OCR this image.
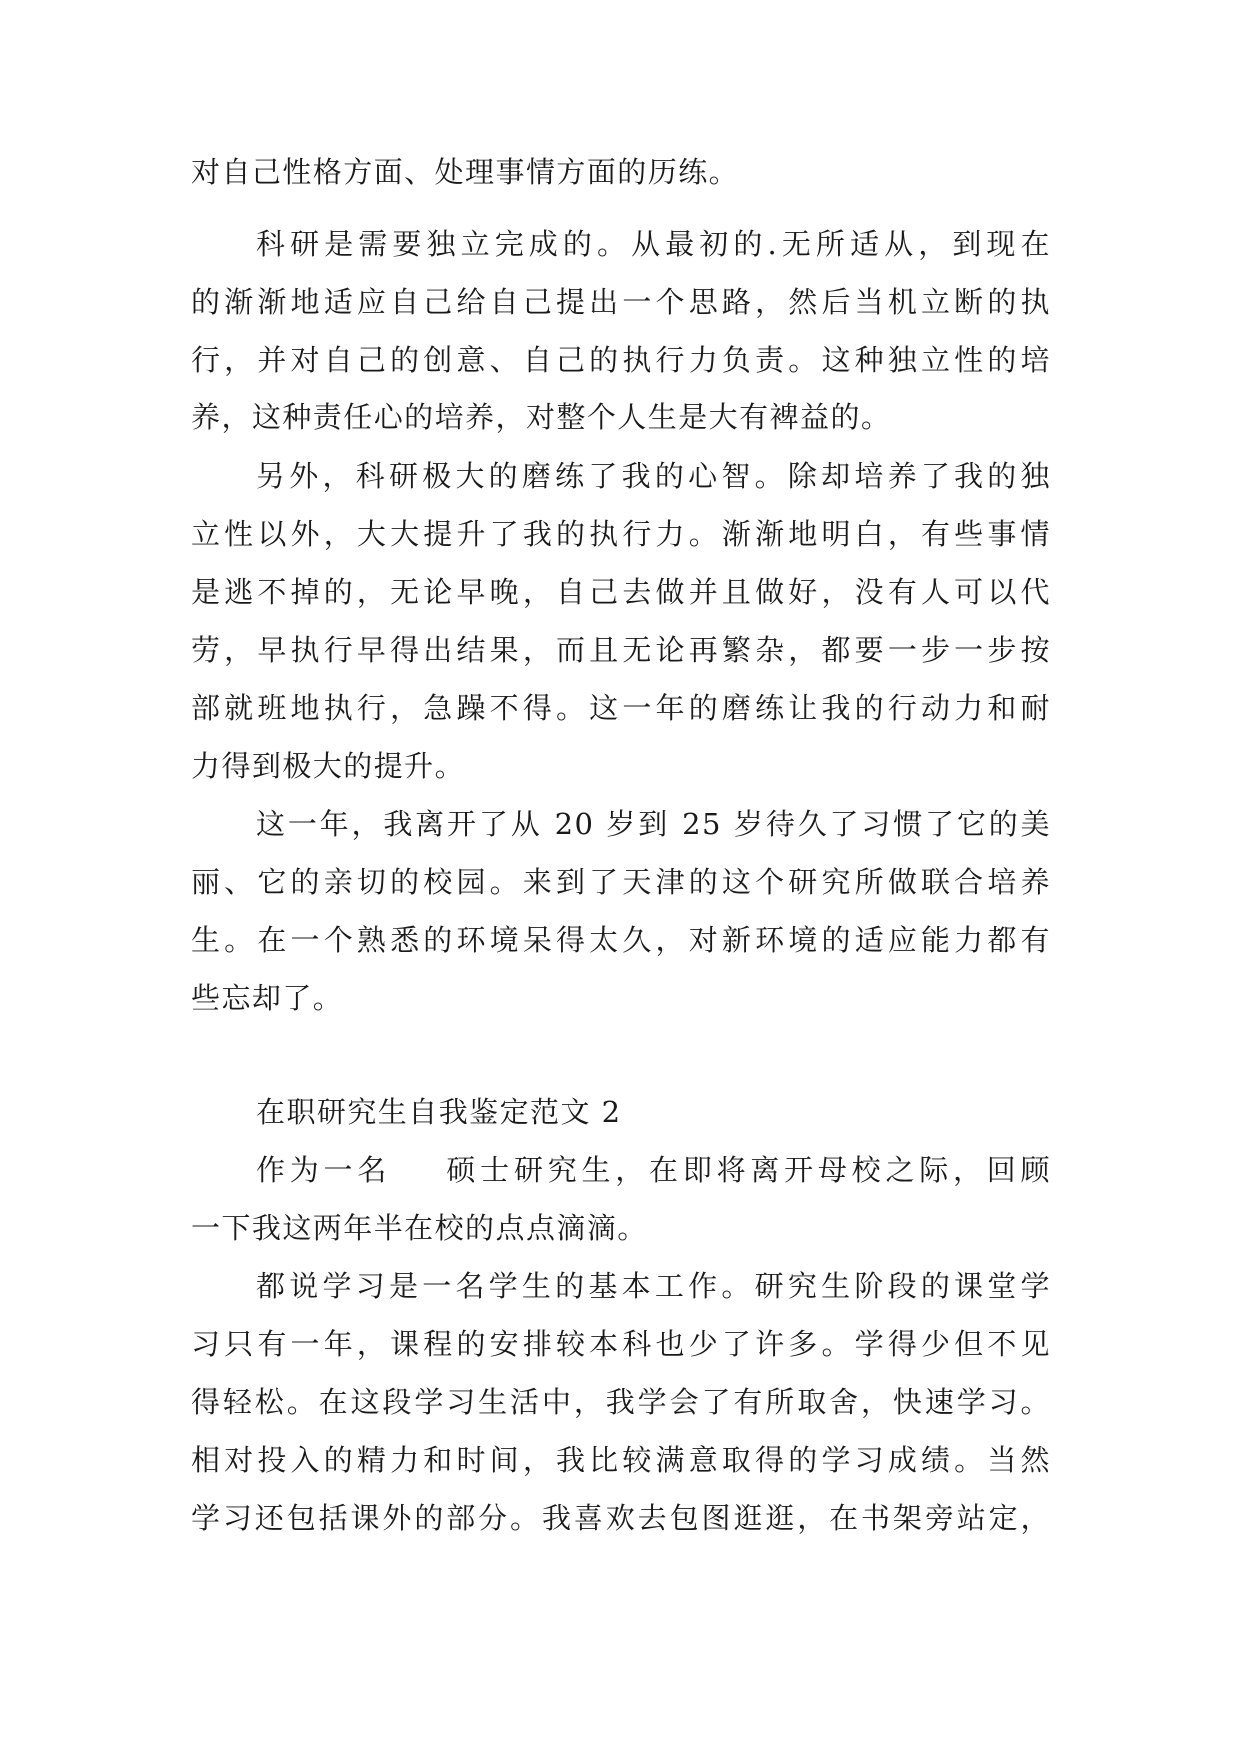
对自己性格方面、处理事情方面的历练。
科研是需要独立完成的。从最初的.无所适从，到现在
的渐渐地适应自己给自己提出一个思路，然后当机立断的执
行，并对自己的创意、自己的执行力负责。这种独立性的培
养，这种责任心的培养，对整个人生是大有裨益的。
另外，科研极大的磨练了我的心智。除却培养了我的独
立性以外，大大提升了我的执行力。渐渐地明白，有些事情
是逃不掉的，无论早晚，自己去做并且做好，没有人可以代
劳，早执行早得出结果，而且无论再繁杂，都要一步一步按
部就班地执行，急躁不得。这一年的磨练让我的行动力和耐
力得到极大的提升。
这一年，我离开了从 20 岁到 25 岁待久了习惯了它的美
丽、它的亲切的校园。来到了天津的这个研究所做联合培养
生。在一个熟悉的环境呆得太久，对新环境的适应能力都有
些忘却了。
在职研究生自我鉴定范文 2
作为一名 硕士研究生，在即将离开母校之际，回顾
一下我这两年半在校的点点滴滴。
都说学习是一名学生的基本工作。研究生阶段的课堂学
习只有一年，课程的安排较本科也少了许多。学得少但不见
得轻松。在这段学习生活中，我学会了有所取舍，快速学习。
相对投入的精力和时间，我比较满意取得的学习成绩。当然
学习还包括课外的部分。我喜欢去包图逛逛，在书架旁站定，
